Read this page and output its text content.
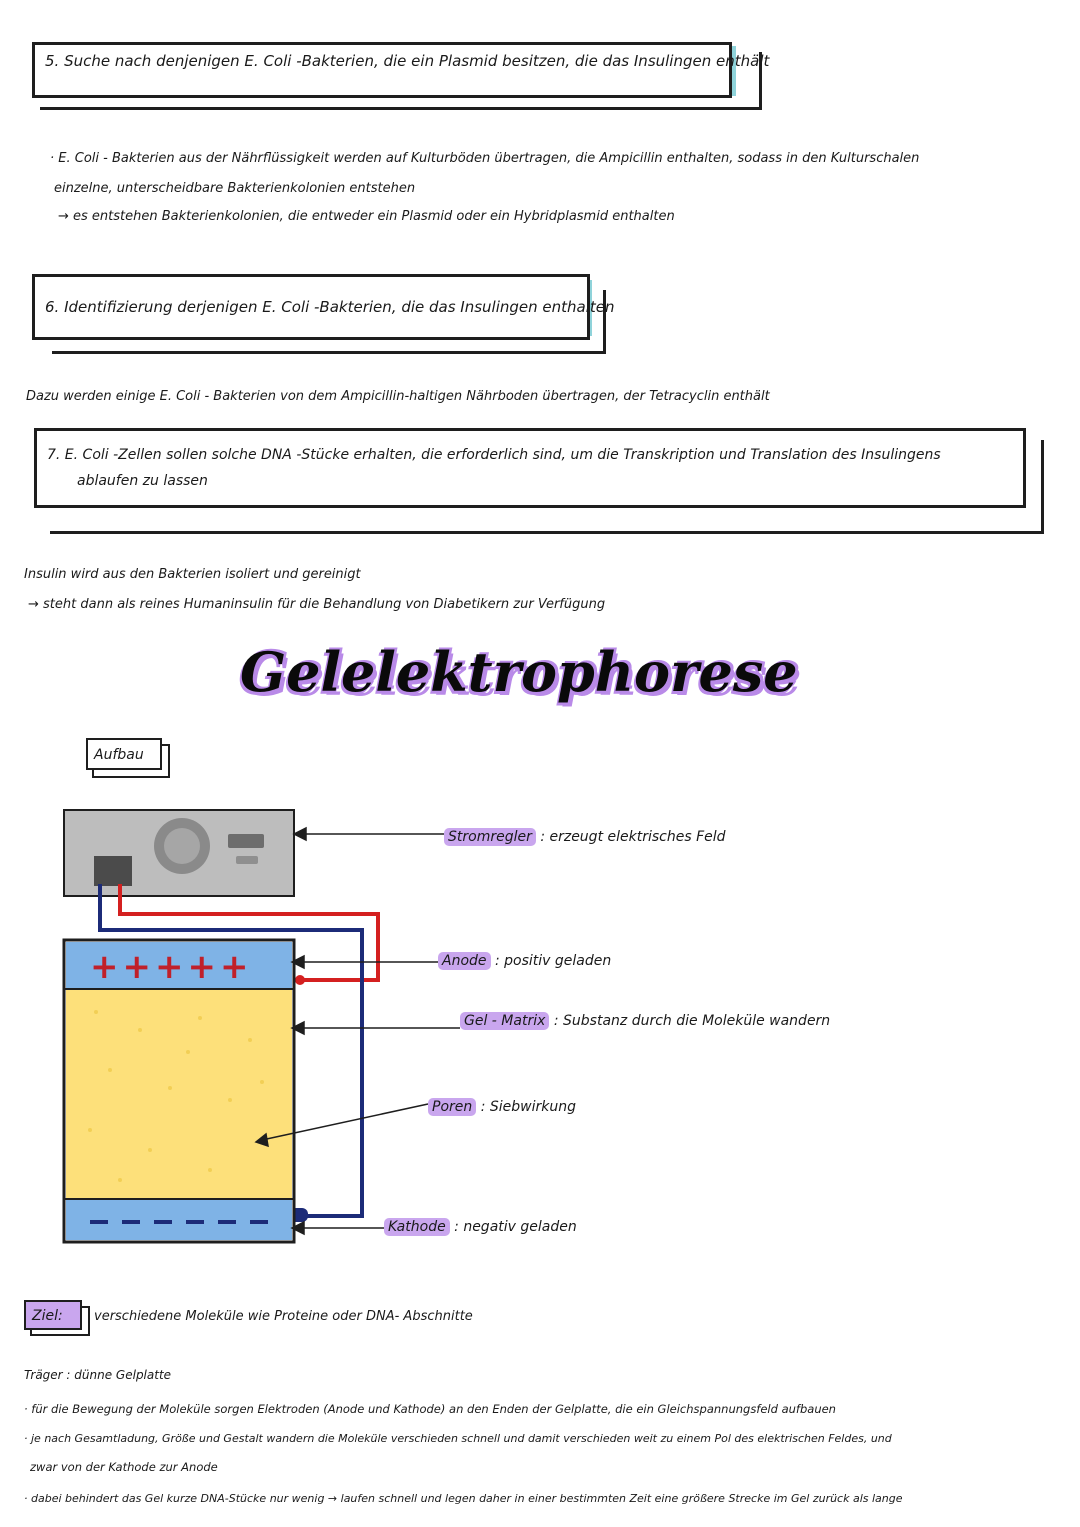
5. Suche nach denjenigen E. Coli -Bakterien, die ein Plasmid besitzen, die das Insulingen enthält
· E. Coli - Bakterien aus der Nährflüssigkeit werden auf Kulturböden übertragen, die Ampicillin enthalten, sodass in den Kulturschalen
einzelne, unterscheidbare Bakterienkolonien entstehen
→ es entstehen Bakterienkolonien, die entweder ein Plasmid oder ein Hybridplasmid enthalten
6. Identifizierung derjenigen E. Coli -Bakterien, die das Insulingen enthalten
Dazu werden einige E. Coli - Bakterien von dem Ampicillin-haltigen Nährboden übertragen, der Tetracyclin enthält
7. E. Coli -Zellen sollen solche DNA -Stücke erhalten, die erforderlich sind, um die Transkription und Translation des Insulingens
ablaufen zu lassen
Insulin wird aus den Bakterien isoliert und gereinigt
→ steht dann als reines Humaninsulin für die Behandlung von Diabetikern zur Verfügung
Gelelektrophorese
Aufbau
+++++
Stromregler : erzeugt elektrisches Feld
Anode : positiv geladen
Gel - Matrix : Substanz durch die Moleküle wandern
Poren : Siebwirkung
Kathode : negativ geladen
Ziel: verschiedene Moleküle wie Proteine oder DNA- Abschnitte
Träger : dünne Gelplatte
· für die Bewegung der Moleküle sorgen Elektroden (Anode und Kathode) an den Enden der Gelplatte, die ein Gleichspannungsfeld aufbauen
· je nach Gesamtladung, Größe und Gestalt wandern die Moleküle verschieden schnell und damit verschieden weit zu einem Pol des elektrischen Feldes, und
zwar von der Kathode zur Anode
· dabei behindert das Gel kurze DNA-Stücke nur wenig → laufen schnell und legen daher in einer bestimmten Zeit eine größere Strecke im Gel zurück als lange
